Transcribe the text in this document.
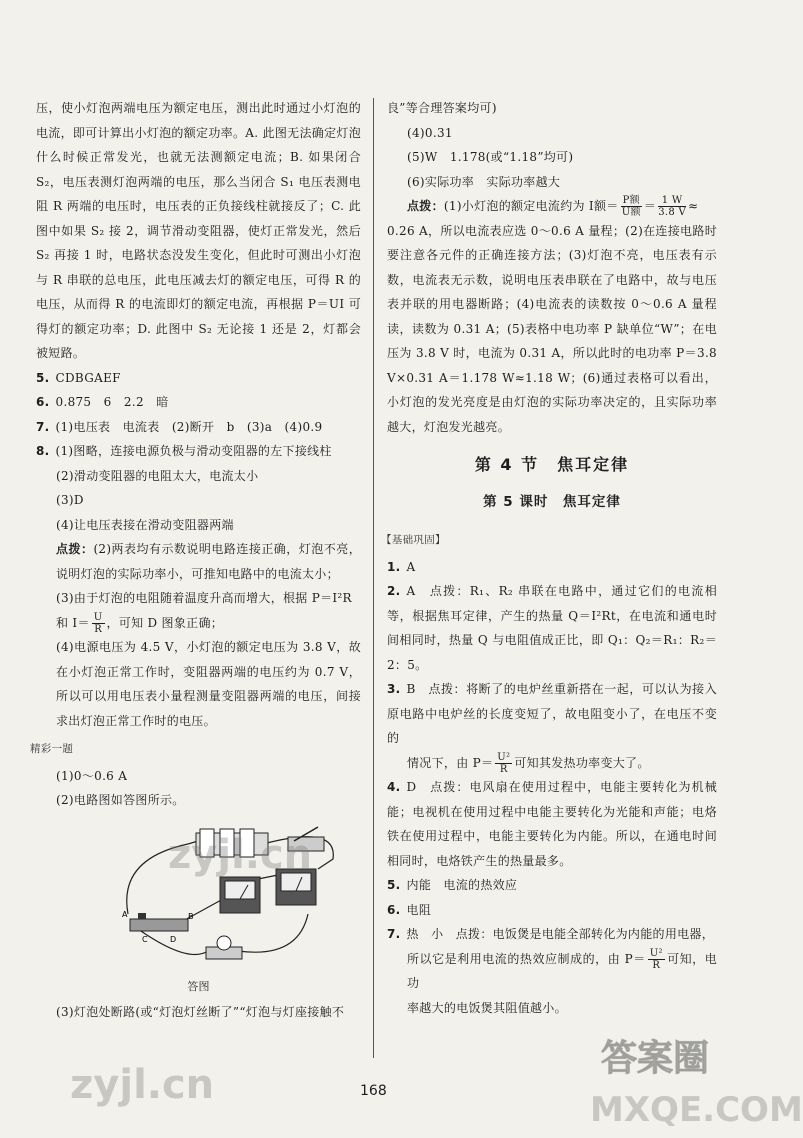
压，使小灯泡两端电压为额定电压，测出此时通过小灯泡的电流，即可计算出小灯泡的额定功率。A. 此图无法确定灯泡什么时候正常发光，也就无法测额定电流；B. 如果闭合 S₂，电压表测灯泡两端的电压，那么当闭合 S₁ 电压表测电阻 R 两端的电压时，电压表的正负接线柱就接反了；C. 此图中如果 S₂ 接 2，调节滑动变阻器，使灯正常发光，然后 S₂ 再接 1 时，电路状态没发生变化，但此时可测出小灯泡与 R 串联的总电压，此电压减去灯的额定电压，可得 R 的电压，从而得 R 的电流即灯的额定电流，再根据 P＝UI 可得灯的额定功率；D. 此图中 S₂ 无论接 1 还是 2，灯都会被短路。

5. CDBGAEF

6. 0.875　6　2.2　暗

7. (1)电压表　电流表　(2)断开　b　(3)a　(4)0.9

8. (1)图略，连接电源负极与滑动变阻器的左下接线柱

(2)滑动变阻器的电阻太大，电流太小

(3)D

(4)让电压表接在滑动变阻器两端

点拨：(2)两表均有示数说明电路连接正确，灯泡不亮，说明灯泡的实际功率小，可推知电路中的电流太小；

(3)由于灯泡的电阻随着温度升高而增大，根据 P＝I²R

和 $I= \frac{U}{R}$ ，可知 D 图象正确；

(4)电源电压为 4.5 V，小灯泡的额定电压为 3.8 V，故在小灯泡正常工作时，变阻器两端的电压约为 0.7 V，所以可以用电压表小量程测量变阻器两端的电压，间接求出灯泡正常工作时的电压。

精彩一题

(1)0～0.6 A

(2)电路图如答图所示。

A	B
C	D
答图

(3)灯泡处断路(或“灯泡灯丝断了”“灯泡与灯座接触不

良”等合理答案均可)

(4)0.31

(5)W　1.178(或“1.18”均可)

(6)实际功率　实际功率越大

点拨：(1)小灯泡的额定电流约为 I额＝ $\frac{\text{P额}}{\text{U额}} = \frac{1 W}{3.8 V}$ ≈

0.26 A，所以电流表应选 0～0.6 A 量程；(2)在连接电路时要注意各元件的正确连接方法；(3)灯泡不亮，电压表有示数，电流表无示数，说明电压表串联在了电路中，故与电压表并联的用电器断路；(4)电流表的读数按 0～0.6 A 量程读，读数为 0.31 A；(5)表格中电功率 P 缺单位“W”；在电压为 3.8 V 时，电流为 0.31 A，所以此时的电功率 P＝3.8 V×0.31 A＝1.178 W≈1.18 W；(6)通过表格可以看出，小灯泡的发光亮度是由灯泡的实际功率决定的，且实际功率越大，灯泡发光越亮。

第 4 节　焦耳定律
第 5 课时　焦耳定律
【基础巩固】

1. A

2. A　点拨：R₁、R₂ 串联在电路中，通过它们的电流相等，根据焦耳定律，产生的热量 Q＝I²Rt，在电流和通电时间相同时，热量 Q 与电阻值成正比，即 Q₁：Q₂＝R₁：R₂＝2：5。

3. B　点拨：将断了的电炉丝重新搭在一起，可以认为接入原电路中电炉丝的长度变短了，故电阻变小了，在电压不变的

情况下，由 $P= \frac{\text{U²}}{R}$ 可知其发热功率变大了。

4. D　点拨：电风扇在使用过程中，电能主要转化为机械能；电视机在使用过程中电能主要转化为光能和声能；电烙铁在使用过程中，电能主要转化为内能。所以，在通电时间相同时，电烙铁产生的热量最多。

5. 内能　电流的热效应

6. 电阻

7. 热　小　点拨：电饭煲是电能全部转化为内能的用电器，

所以它是利用电流的热效应制成的，由 $P= \frac{\text{U²}}{R}$ 可知，电功

率越大的电饭煲其阻值越小。

168
zyjl.cn
zyjl.cn
答案圈
MXQE.COM
